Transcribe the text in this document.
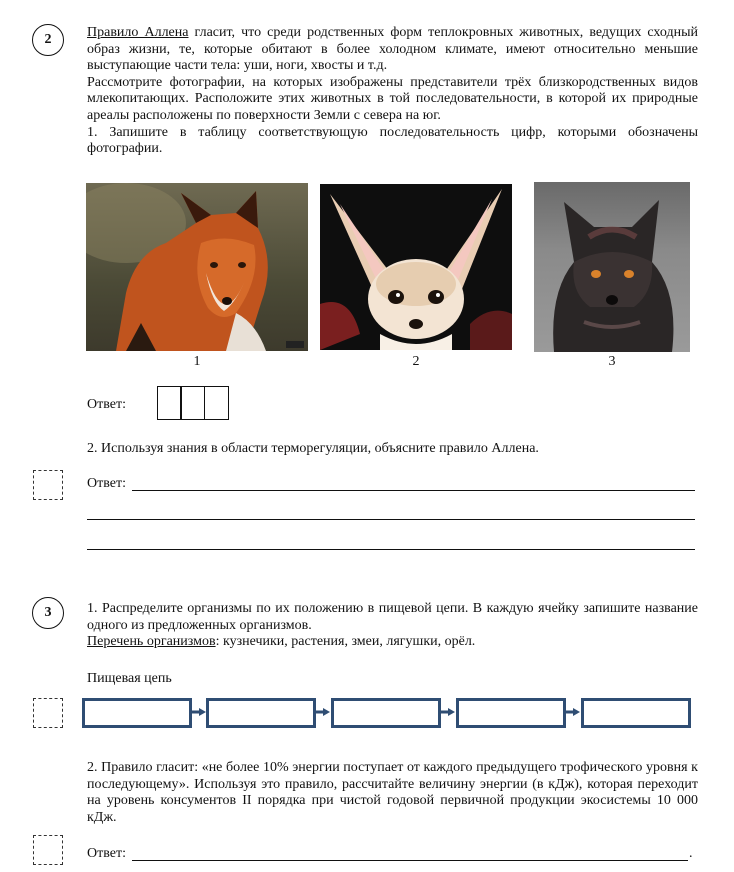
2	Правило Аллена гласит, что среди родственных форм теплокровных животных, ведущих сходный образ жизни, те, которые обитают в более холодном климате, имеют относительно меньшие выступающие части тела: уши, ноги, хвосты и т.д.

Рассмотрите фотографии, на которых изображены представители трёх близкородственных видов млекопитающих. Расположите этих животных в той последовательности, в которой их природные ареалы расположены по поверхности Земли с севера на юг.

1. Запишите в таблицу соответствующую последовательность цифр, которыми обозначены фотографии.

1	2	3
Ответ:
2. Используя знания в области терморегуляции, объясните правило Аллена.
Ответ:
3	1. Распределите организмы по их положению в пищевой цепи. В каждую ячейку запишите название одного из предложенных организмов.

Перечень организмов: кузнечики, растения, змеи, лягушки, орёл.

Пищевая цепь
2. Правило гласит: «не более 10% энергии поступает от каждого предыдущего трофического уровня к последующему». Используя это правило, рассчитайте величину энергии (в кДж), которая переходит на уровень консументов II порядка при чистой годовой первичной продукции экосистемы 10 000 кДж.
Ответ:	.
